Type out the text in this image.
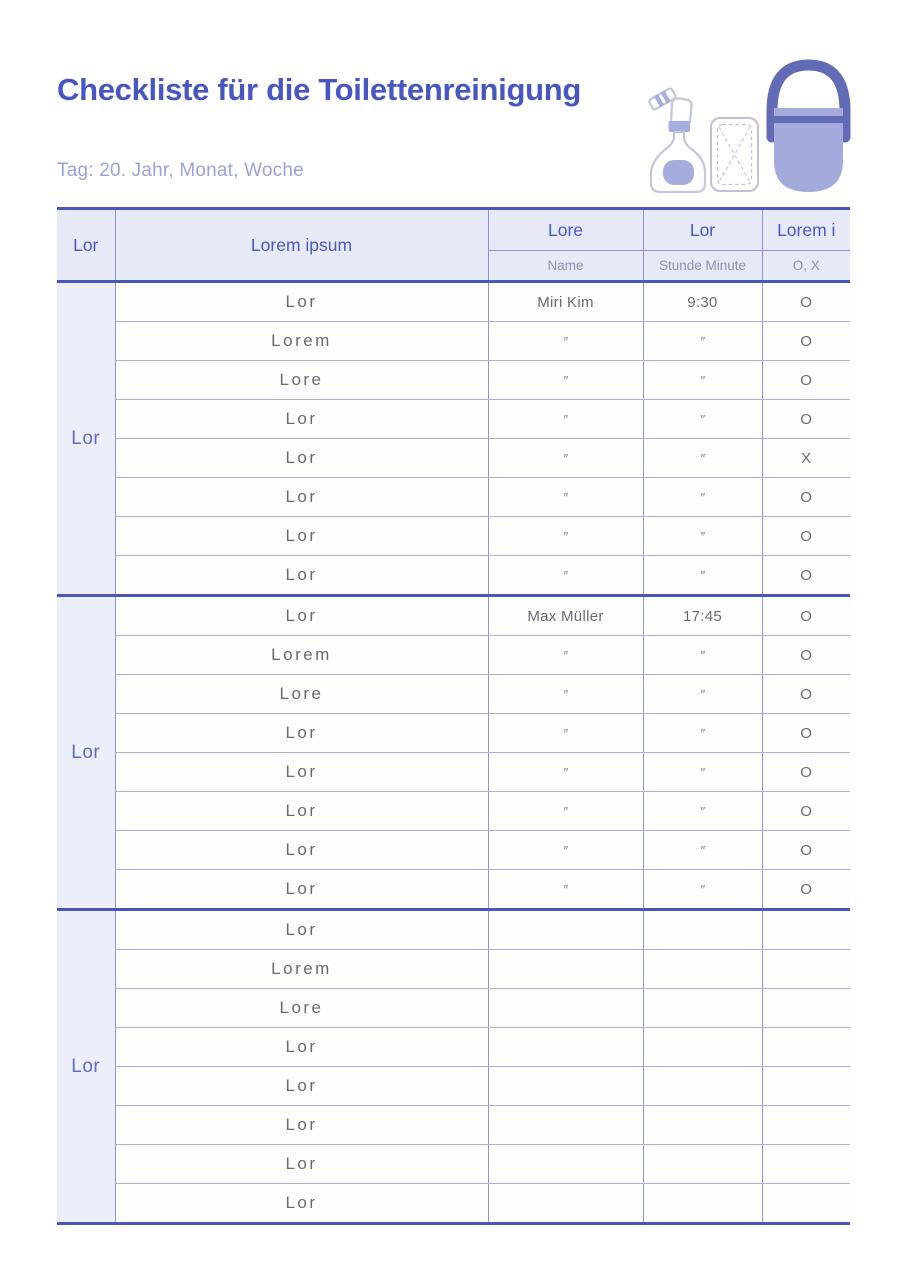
Checkliste für die Toilettenreinigung
Tag: 20. Jahr, Monat, Woche
Lor	Lorem ipsum	Lore	Lor	Lorem i
		Name	Stunde Minute	O, X
Lor	Lor	Miri Kim	9:30	O
	Lorem	″	″	O
	Lore	″	″	O
	Lor	″	″	O
	Lor	″	″	X
	Lor	″	″	O
	Lor	″	″	O
	Lor	″	″	O
Lor	Lor	Max Müller	17:45	O
	Lorem	″	″	O
	Lore	″	″	O
	Lor	″	″	O
	Lor	″	″	O
	Lor	″	″	O
	Lor	″	″	O
	Lor	″	″	O
Lor	Lor			
	Lorem			
	Lore			
	Lor			
	Lor			
	Lor			
	Lor			
	Lor			
